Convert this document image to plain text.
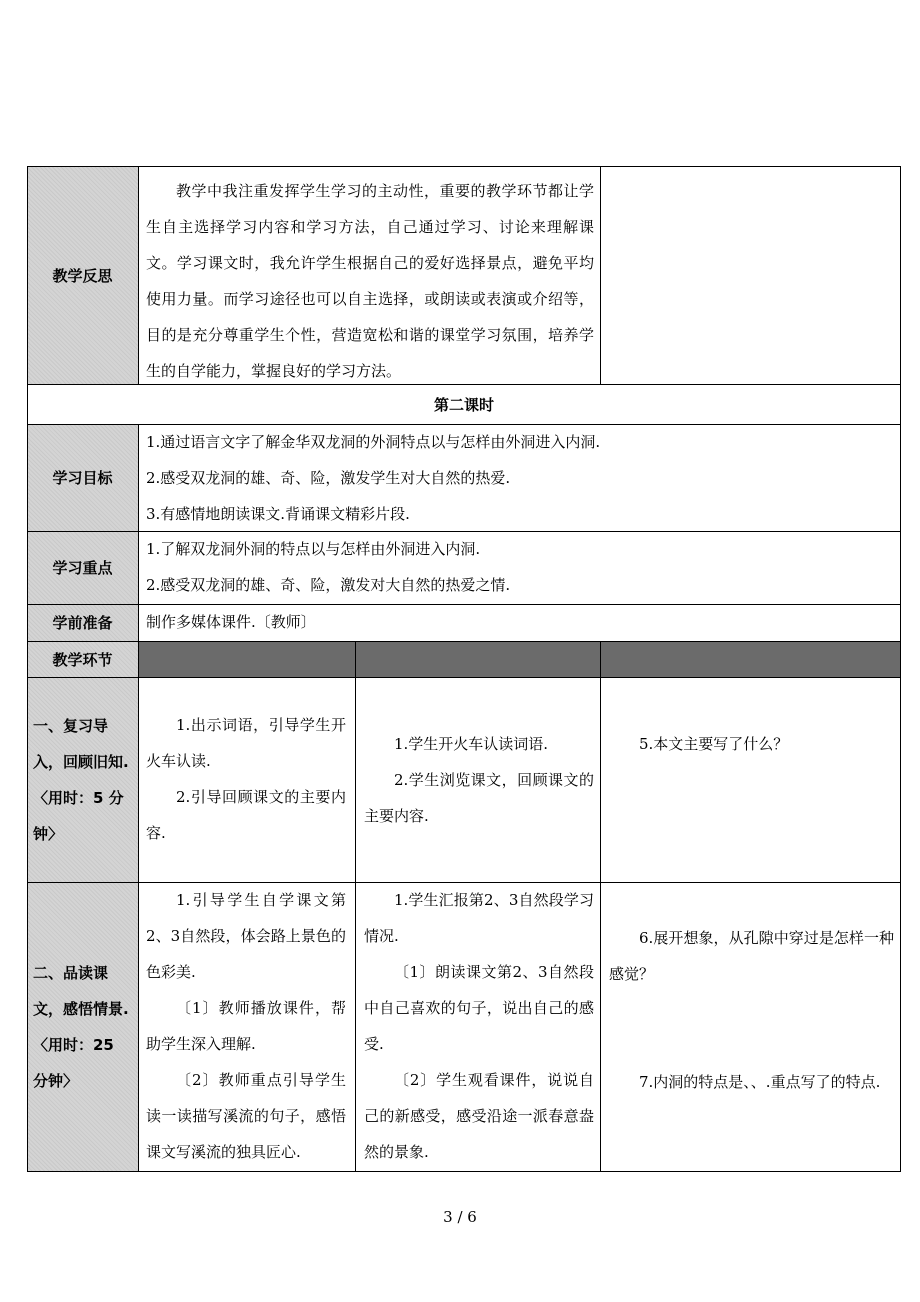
教学反思
学习目标
学习重点
学前准备
教学环节
一、复习导入，回顾旧知.〈用时：5 分钟〉
二、品读课文，感悟情景.〈用时：25 分钟〉
教学中我注重发挥学生学习的主动性，重要的教学环节都让学生自主选择学习内容和学习方法，自己通过学习、讨论来理解课文。学习课文时，我允许学生根据自己的爱好选择景点，避免平均使用力量。而学习途径也可以自主选择，或朗读或表演或介绍等，目的是充分尊重学生个性，营造宽松和谐的课堂学习氛围，培养学生的自学能力，掌握良好的学习方法。
第二课时

1.通过语言文字了解金华双龙洞的外洞特点以与怎样由外洞进入内洞.

2.感受双龙洞的雄、奇、险，激发学生对大自然的热爱.

3.有感情地朗读课文.背诵课文精彩片段.

1.了解双龙洞外洞的特点以与怎样由外洞进入内洞.

2.感受双龙洞的雄、奇、险，激发对大自然的热爱之情.

制作多媒体课件.〔教师〕

1.出示词语，引导学生开火车认读.

2.引导回顾课文的主要内容.

1.学生开火车认读词语.

2.学生浏览课文，回顾课文的主要内容.

5.本文主要写了什么？

1.引导学生自学课文第2、3自然段，体会路上景色的色彩美.

〔1〕教师播放课件，帮助学生深入理解.

〔2〕教师重点引导学生读一读描写溪流的句子，感悟课文写溪流的独具匠心.

1.学生汇报第2、3自然段学习情况.

〔1〕朗读课文第2、3自然段中自己喜欢的句子，说出自己的感受.

〔2〕学生观看课件，说说自己的新感受，感受沿途一派春意盎然的景象.

6.展开想象，从孔隙中穿过是怎样一种感觉？

7.内洞的特点是、、.重点写了的特点.

3 / 6
